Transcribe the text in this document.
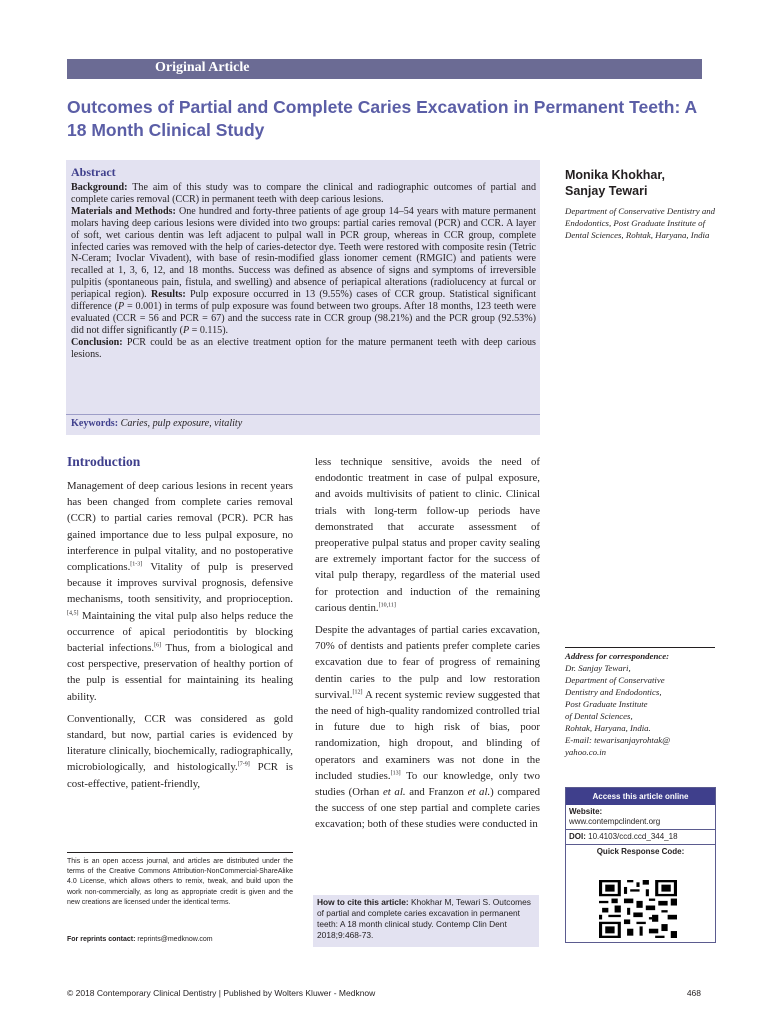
Original Article
Outcomes of Partial and Complete Caries Excavation in Permanent Teeth: A 18 Month Clinical Study
Abstract
Background: The aim of this study was to compare the clinical and radiographic outcomes of partial and complete caries removal (CCR) in permanent teeth with deep carious lesions.
Materials and Methods: One hundred and forty-three patients of age group 14–54 years with mature permanent molars having deep carious lesions were divided into two groups: partial caries removal (PCR) and CCR. A layer of soft, wet carious dentin was left adjacent to pulpal wall in PCR group, whereas in CCR group, complete infected caries was removed with the help of caries-detector dye. Teeth were restored with composite resin (Tetric N-Ceram; Ivoclar Vivadent), with base of resin-modified glass ionomer cement (RMGIC) and patients were recalled at 1, 3, 6, 12, and 18 months. Success was defined as absence of signs and symptoms of irreversible pulpitis (spontaneous pain, fistula, and swelling) and absence of periapical alterations (radiolucency at furcal or periapical region). Results: Pulp exposure occurred in 13 (9.55%) cases of CCR group. Statistical significant difference (P = 0.001) in terms of pulp exposure was found between two groups. After 18 months, 123 teeth were evaluated (CCR = 56 and PCR = 67) and the success rate in CCR group (98.21%) and the PCR group (92.53%) did not differ significantly (P = 0.115).
Conclusion: PCR could be as an elective treatment option for the mature permanent teeth with deep carious lesions.
Keywords: Caries, pulp exposure, vitality
Monika Khokhar,
Sanjay Tewari
Department of Conservative Dentistry and Endodontics, Post Graduate Institute of Dental Sciences, Rohtak, Haryana, India
Introduction

Management of deep carious lesions in recent years has been changed from complete caries removal (CCR) to partial caries removal (PCR). PCR has gained importance due to less pulpal exposure, no interference in pulpal vitality, and no postoperative complications.[1-3] Vitality of pulp is preserved because it improves survival prognosis, defensive mechanisms, tooth sensitivity, and proprioception.[4,5] Maintaining the vital pulp also helps reduce the occurrence of apical periodontitis by blocking bacterial infections.[6] Thus, from a biological and cost perspective, preservation of healthy portion of the pulp is essential for maintaining its healing ability.

Conventionally, CCR was considered as gold standard, but now, partial caries is evidenced by literature clinically, biochemically, radiographically, microbiologically, and histologically.[7-9] PCR is cost-effective, patient-friendly,

less technique sensitive, avoids the need of endodontic treatment in case of pulpal exposure, and avoids multivisits of patient to clinic. Clinical trials with long-term follow-up periods have demonstrated that accurate assessment of preoperative pulpal status and proper cavity sealing are extremely important factor for the success of vital pulp therapy, regardless of the material used for protection and induction of the remaining carious dentin.[10,11]

Despite the advantages of partial caries excavation, 70% of dentists and patients prefer complete caries excavation due to fear of progress of remaining dentin caries to the pulp and low restoration survival.[12] A recent systemic review suggested that the need of high-quality randomized controlled trial in future due to high risk of bias, poor randomization, high dropout, and blinding of operators and examiners was not done in the included studies.[13] To our knowledge, only two studies (Orhan et al. and Franzon et al.) compared the success of one step partial and complete caries excavation; both of these studies were conducted in

This is an open access journal, and articles are distributed under the terms of the Creative Commons Attribution-NonCommercial-ShareAlike 4.0 License, which allows others to remix, tweak, and build upon the work non-commercially, as long as appropriate credit is given and the new creations are licensed under the identical terms.
For reprints contact: reprints@medknow.com
How to cite this article: Khokhar M, Tewari S. Outcomes of partial and complete caries excavation in permanent teeth: A 18 month clinical study. Contemp Clin Dent 2018;9:468-73.
Address for correspondence:
Dr. Sanjay Tewari,
Department of Conservative
Dentistry and Endodontics,
Post Graduate Institute
of Dental Sciences,
Rohtak, Haryana, India.
E-mail: tewarisanjayrohtak@
yahoo.co.in
Access this article online
Website:
www.contempclindent.org
DOI: 10.4103/ccd.ccd_344_18
Quick Response Code:
© 2018 Contemporary Clinical Dentistry | Published by Wolters Kluwer - Medknow	468
